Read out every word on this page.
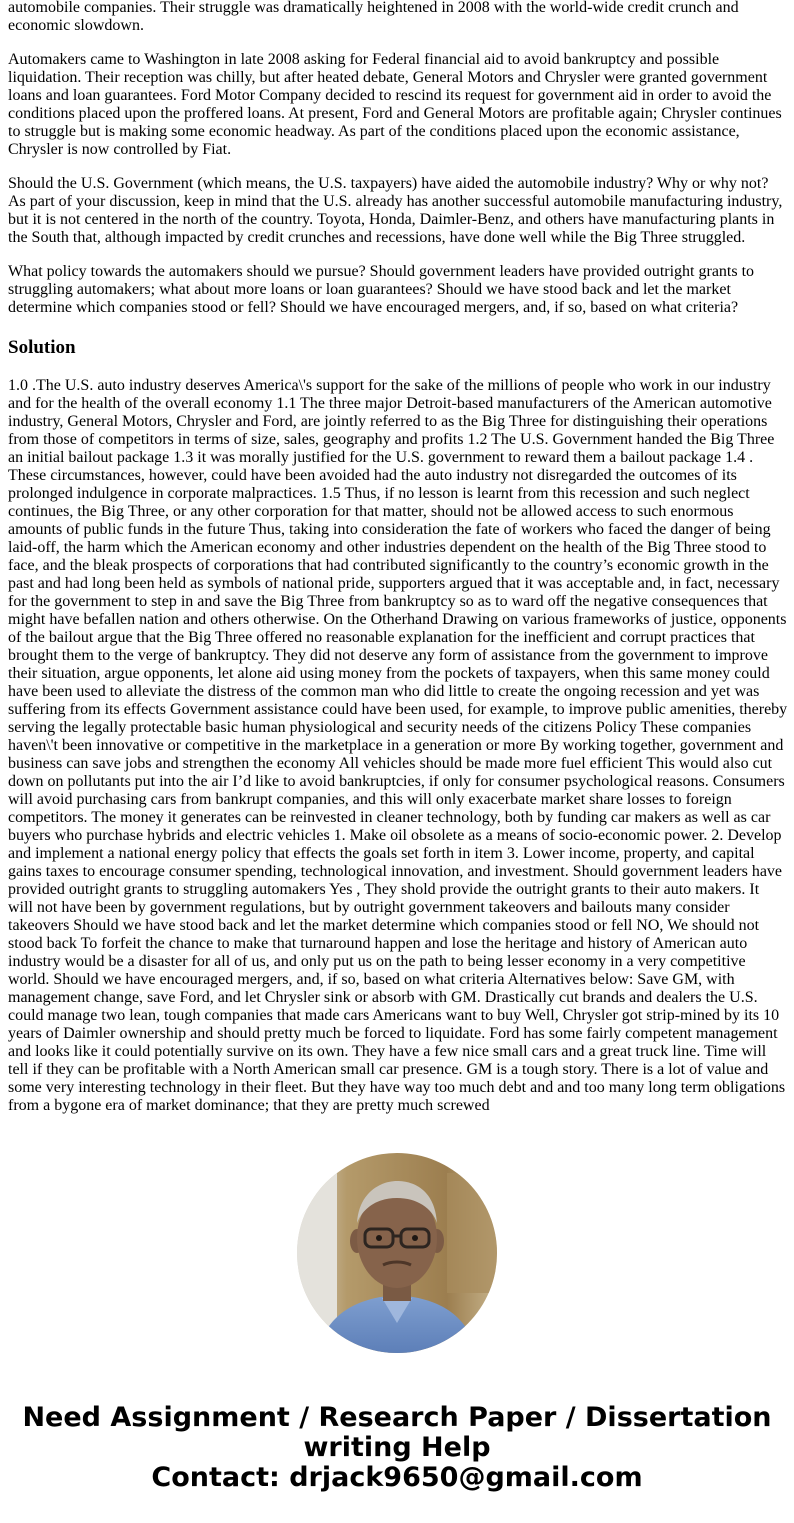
automobile companies. Their struggle was dramatically heightened in 2008 with the world-wide credit crunch and economic slowdown.

Automakers came to Washington in late 2008 asking for Federal financial aid to avoid bankruptcy and possible liquidation. Their reception was chilly, but after heated debate, General Motors and Chrysler were granted government loans and loan guarantees. Ford Motor Company decided to rescind its request for government aid in order to avoid the conditions placed upon the proffered loans. At present, Ford and General Motors are profitable again; Chrysler continues to struggle but is making some economic headway. As part of the conditions placed upon the economic assistance, Chrysler is now controlled by Fiat.

Should the U.S. Government (which means, the U.S. taxpayers) have aided the automobile industry? Why or why not? As part of your discussion, keep in mind that the U.S. already has another successful automobile manufacturing industry, but it is not centered in the north of the country. Toyota, Honda, Daimler-Benz, and others have manufacturing plants in the South that, although impacted by credit crunches and recessions, have done well while the Big Three struggled.

What policy towards the automakers should we pursue? Should government leaders have provided outright grants to struggling automakers; what about more loans or loan guarantees? Should we have stood back and let the market determine which companies stood or fell? Should we have encouraged mergers, and, if so, based on what criteria?

Solution

1.0 .The U.S. auto industry deserves America\'s support for the sake of the millions of people who work in our industry and for the health of the overall economy 1.1 The three major Detroit-based manufacturers of the American automotive industry, General Motors, Chrysler and Ford, are jointly referred to as the Big Three for distinguishing their operations from those of competitors in terms of size, sales, geography and profits 1.2 The U.S. Government handed the Big Three an initial bailout package 1.3 it was morally justified for the U.S. government to reward them a bailout package 1.4 . These circumstances, however, could have been avoided had the auto industry not disregarded the outcomes of its prolonged indulgence in corporate malpractices. 1.5 Thus, if no lesson is learnt from this recession and such neglect continues, the Big Three, or any other corporation for that matter, should not be allowed access to such enormous amounts of public funds in the future Thus, taking into consideration the fate of workers who faced the danger of being laid-off, the harm which the American economy and other industries dependent on the health of the Big Three stood to face, and the bleak prospects of corporations that had contributed significantly to the country’s economic growth in the past and had long been held as symbols of national pride, supporters argued that it was acceptable and, in fact, necessary for the government to step in and save the Big Three from bankruptcy so as to ward off the negative consequences that might have befallen nation and others otherwise. On the Otherhand Drawing on various frameworks of justice, opponents of the bailout argue that the Big Three offered no reasonable explanation for the inefficient and corrupt practices that brought them to the verge of bankruptcy. They did not deserve any form of assistance from the government to improve their situation, argue opponents, let alone aid using money from the pockets of taxpayers, when this same money could have been used to alleviate the distress of the common man who did little to create the ongoing recession and yet was suffering from its effects Government assistance could have been used, for example, to improve public amenities, thereby serving the legally protectable basic human physiological and security needs of the citizens Policy These companies haven\'t been innovative or competitive in the marketplace in a generation or more By working together, government and business can save jobs and strengthen the economy All vehicles should be made more fuel efficient This would also cut down on pollutants put into the air I’d like to avoid bankruptcies, if only for consumer psychological reasons. Consumers will avoid purchasing cars from bankrupt companies, and this will only exacerbate market share losses to foreign competitors. The money it generates can be reinvested in cleaner technology, both by funding car makers as well as car buyers who purchase hybrids and electric vehicles 1. Make oil obsolete as a means of socio-economic power. 2. Develop and implement a national energy policy that effects the goals set forth in item 3. Lower income, property, and capital gains taxes to encourage consumer spending, technological innovation, and investment. Should government leaders have provided outright grants to struggling automakers Yes , They shold provide the outright grants to their auto makers. It will not have been by government regulations, but by outright government takeovers and bailouts many consider takeovers Should we have stood back and let the market determine which companies stood or fell NO, We should not stood back To forfeit the chance to make that turnaround happen and lose the heritage and history of American auto industry would be a disaster for all of us, and only put us on the path to being lesser economy in a very competitive world. Should we have encouraged mergers, and, if so, based on what criteria Alternatives below: Save GM, with management change, save Ford, and let Chrysler sink or absorb with GM. Drastically cut brands and dealers the U.S. could manage two lean, tough companies that made cars Americans want to buy Well, Chrysler got strip-mined by its 10 years of Daimler ownership and should pretty much be forced to liquidate. Ford has some fairly competent management and looks like it could potentially survive on its own. They have a few nice small cars and a great truck line. Time will tell if they can be profitable with a North American small car presence. GM is a tough story. There is a lot of value and some very interesting technology in their fleet. But they have way too much debt and and too many long term obligations from a bygone era of market dominance; that they are pretty much screwed

Need Assignment / Research Paper / Dissertation
writing Help
Contact: drjack9650@gmail.com
